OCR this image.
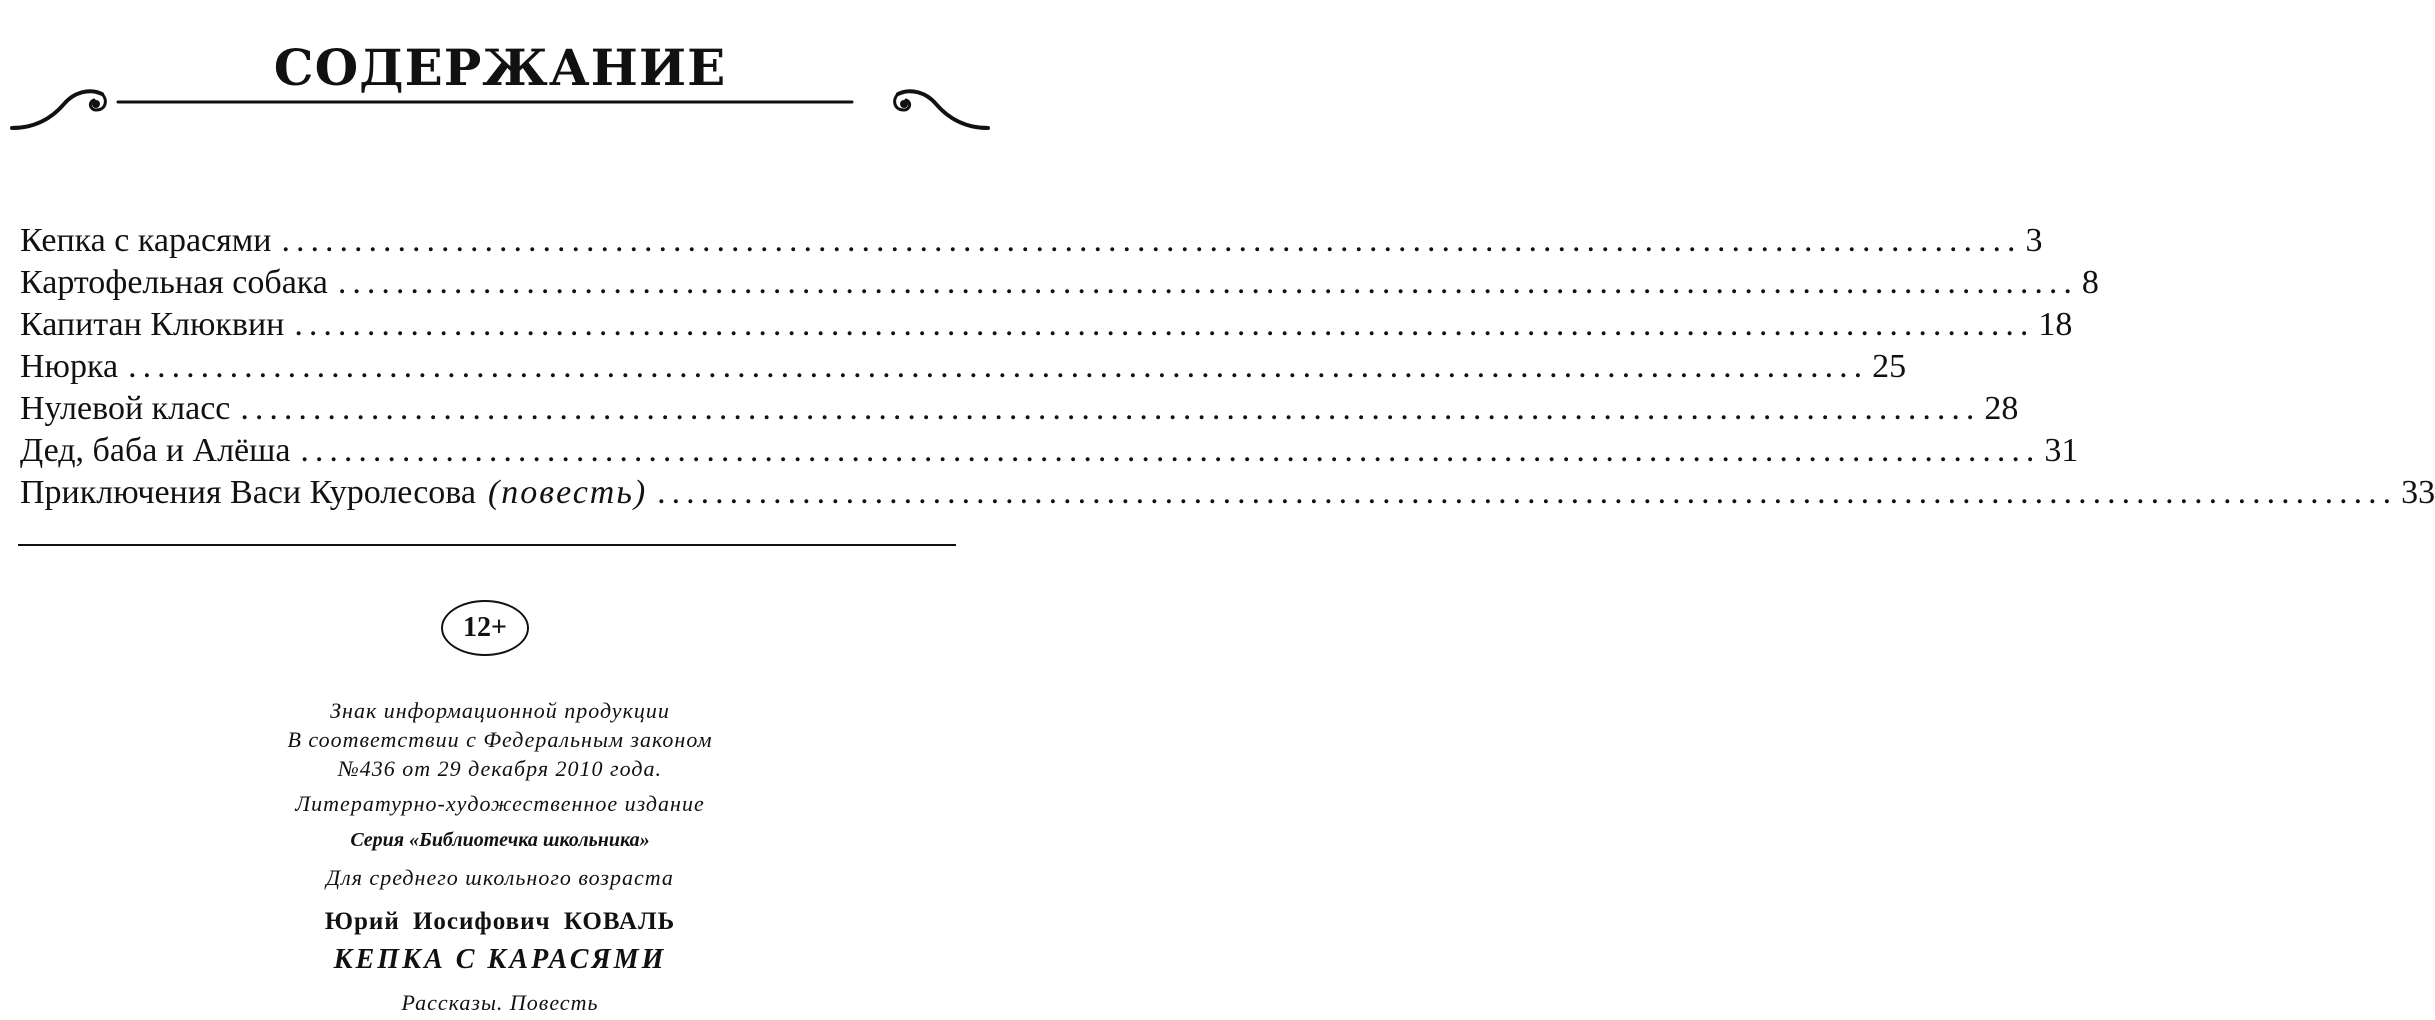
СОДЕРЖАНИЕ
Кепка с карасями ........................................................................................................................ 3
Картофельная собака ........................................................................................................................ 8
Капитан Клюквин ........................................................................................................................ 18
Нюрка ........................................................................................................................ 25
Нулевой класс ........................................................................................................................ 28
Дед, баба и Алёша ........................................................................................................................ 31
Приключения Васи Куролесова (повесть) ........................................................................................................................ 33
12+
Знак информационной продукции
В соответствии с Федеральным законом
№436 от 29 декабря 2010 года.
Литературно-художественное издание
Серия «Библиотечка школьника»
Для среднего школьного возраста
Юрий Иосифович КОВАЛЬ
КЕПКА С КАРАСЯМИ
Рассказы. Повесть
